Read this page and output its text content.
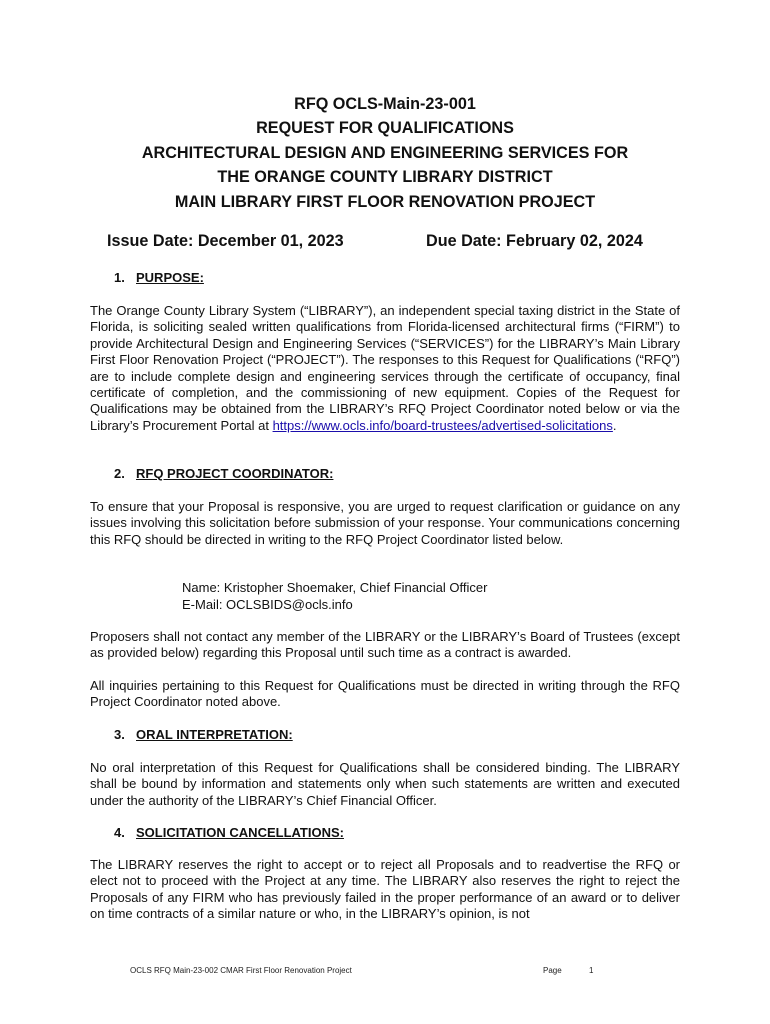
RFQ OCLS-Main-23-001
REQUEST FOR QUALIFICATIONS
ARCHITECTURAL DESIGN AND ENGINEERING SERVICES FOR
THE ORANGE COUNTY LIBRARY DISTRICT
MAIN LIBRARY FIRST FLOOR RENOVATION PROJECT
Issue Date: December 01, 2023	Due Date: February 02, 2024
1. PURPOSE:
The Orange County Library System (“LIBRARY”), an independent special taxing district in the State of Florida, is soliciting sealed written qualifications from Florida-licensed architectural firms (“FIRM”) to provide Architectural Design and Engineering Services (“SERVICES”) for the LIBRARY’s Main Library First Floor Renovation Project (“PROJECT”). The responses to this Request for Qualifications (“RFQ”) are to include complete design and engineering services through the certificate of occupancy, final certificate of completion, and the commissioning of new equipment. Copies of the Request for Qualifications may be obtained from the LIBRARY’s RFQ Project Coordinator noted below or via the Library’s Procurement Portal at https://www.ocls.info/board-trustees/advertised-solicitations.
2. RFQ PROJECT COORDINATOR:
To ensure that your Proposal is responsive, you are urged to request clarification or guidance on any issues involving this solicitation before submission of your response. Your communications concerning this RFQ should be directed in writing to the RFQ Project Coordinator listed below.
Name: Kristopher Shoemaker, Chief Financial Officer
E-Mail: OCLSBIDS@ocls.info
Proposers shall not contact any member of the LIBRARY or the LIBRARY’s Board of Trustees (except as provided below) regarding this Proposal until such time as a contract is awarded.
All inquiries pertaining to this Request for Qualifications must be directed in writing through the RFQ Project Coordinator noted above.
3. ORAL INTERPRETATION:
No oral interpretation of this Request for Qualifications shall be considered binding. The LIBRARY shall be bound by information and statements only when such statements are written and executed under the authority of the LIBRARY’s Chief Financial Officer.
4. SOLICITATION CANCELLATIONS:
The LIBRARY reserves the right to accept or to reject all Proposals and to readvertise the RFQ or elect not to proceed with the Project at any time. The LIBRARY also reserves the right to reject the Proposals of any FIRM who has previously failed in the proper performance of an award or to deliver on time contracts of a similar nature or who, in the LIBRARY’s opinion, is not
OCLS RFQ Main-23-002 CMAR First Floor Renovation Project	Page	1
